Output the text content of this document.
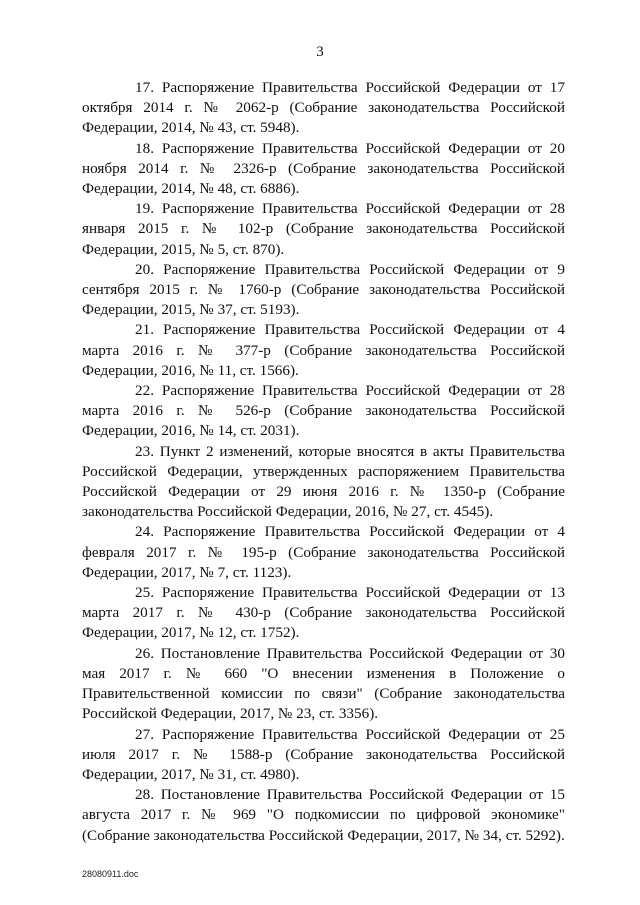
3

17. Распоряжение Правительства Российской Федерации от 17 октября 2014 г. № 2062-р (Собрание законодательства Российской Федерации, 2014, № 43, ст. 5948).

18. Распоряжение Правительства Российской Федерации от 20 ноября 2014 г. № 2326-р (Собрание законодательства Российской Федерации, 2014, № 48, ст. 6886).

19. Распоряжение Правительства Российской Федерации от 28 января 2015 г. № 102-р (Собрание законодательства Российской Федерации, 2015, № 5, ст. 870).

20. Распоряжение Правительства Российской Федерации от 9 сентября 2015 г. № 1760-р (Собрание законодательства Российской Федерации, 2015, № 37, ст. 5193).

21. Распоряжение Правительства Российской Федерации от 4 марта 2016 г. № 377-р (Собрание законодательства Российской Федерации, 2016, № 11, ст. 1566).

22. Распоряжение Правительства Российской Федерации от 28 марта 2016 г. № 526-р (Собрание законодательства Российской Федерации, 2016, № 14, ст. 2031).

23. Пункт 2 изменений, которые вносятся в акты Правительства Российской Федерации, утвержденных распоряжением Правительства Российской Федерации от 29 июня 2016 г. № 1350-р (Собрание законодательства Российской Федерации, 2016, № 27, ст. 4545).

24. Распоряжение Правительства Российской Федерации от 4 февраля 2017 г. № 195-р (Собрание законодательства Российской Федерации, 2017, № 7, ст. 1123).

25. Распоряжение Правительства Российской Федерации от 13 марта 2017 г. № 430-р (Собрание законодательства Российской Федерации, 2017, № 12, ст. 1752).

26. Постановление Правительства Российской Федерации от 30 мая 2017 г. № 660 "О внесении изменения в Положение о Правительственной комиссии по связи" (Собрание законодательства Российской Федерации, 2017, № 23, ст. 3356).

27. Распоряжение Правительства Российской Федерации от 25 июля 2017 г. № 1588-р (Собрание законодательства Российской Федерации, 2017, № 31, ст. 4980).

28. Постановление Правительства Российской Федерации от 15 августа 2017 г. № 969 "О подкомиссии по цифровой экономике" (Собрание законодательства Российской Федерации, 2017, № 34, ст. 5292).

28080911.doc
